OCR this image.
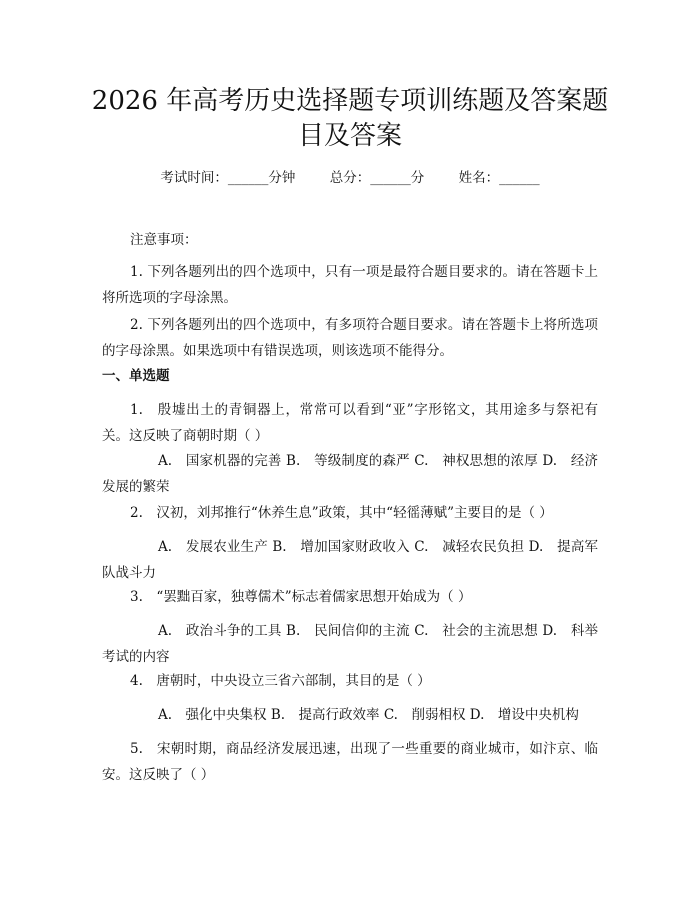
2026 年高考历史选择题专项训练题及答案题
目及答案
考试时间：______分钟	总分：______分	姓名：______
注意事项：
1. 下列各题列出的四个选项中，只有一项是最符合题目要求的。请在答题卡上将所选项的字母涂黑。
2. 下列各题列出的四个选项中，有多项符合题目要求。请在答题卡上将所选项的字母涂黑。如果选项中有错误选项，则该选项不能得分。
一、单选题
1.　殷墟出土的青铜器上，常常可以看到“亚”字形铭文，其用途多与祭祀有关。这反映了商朝时期（ ）
A.　国家机器的完善 B.　等级制度的森严 C.　神权思想的浓厚 D.　经济发展的繁荣
2.　汉初，刘邦推行“休养生息”政策，其中“轻徭薄赋”主要目的是（ ）
A.　发展农业生产 B.　增加国家财政收入 C.　减轻农民负担 D.　提高军队战斗力
3.　“罢黜百家，独尊儒术”标志着儒家思想开始成为（ ）
A.　政治斗争的工具 B.　民间信仰的主流 C.　社会的主流思想 D.　科举考试的内容
4.　唐朝时，中央设立三省六部制，其目的是（ ）
A.　强化中央集权 B.　提高行政效率 C.　削弱相权 D.　增设中央机构
5.　宋朝时期，商品经济发展迅速，出现了一些重要的商业城市，如汴京、临安。这反映了（ ）
